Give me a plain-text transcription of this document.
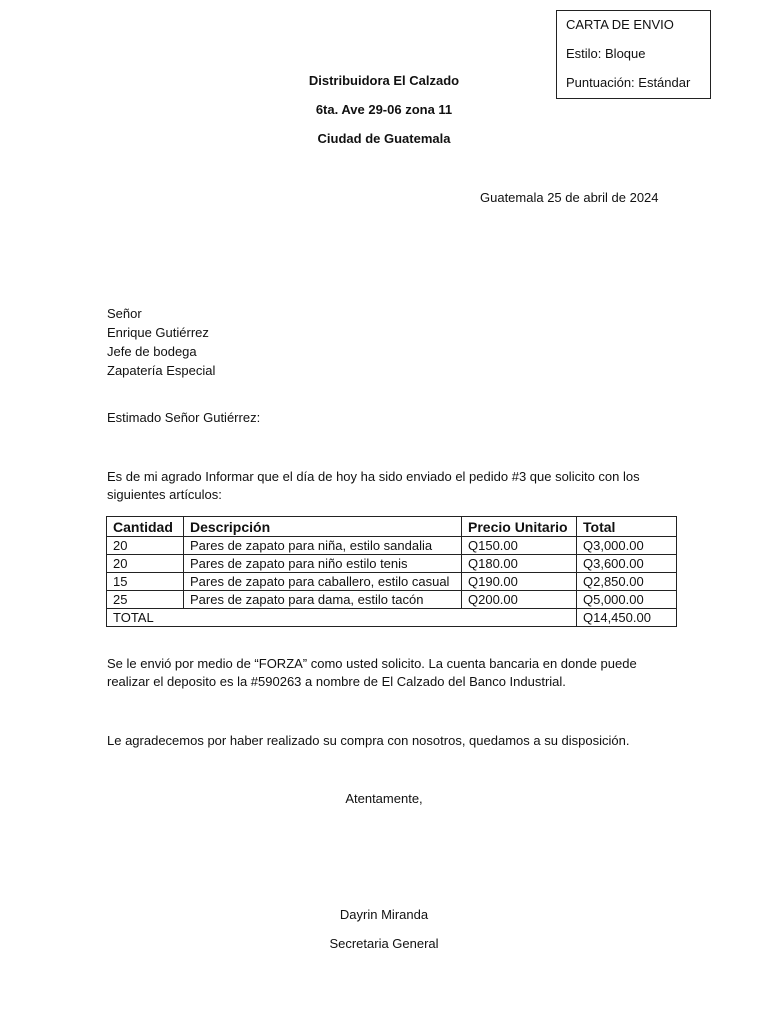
CARTA DE ENVIO
Estilo: Bloque
Puntuación: Estándar
Distribuidora El Calzado
6ta. Ave 29-06 zona 11
Ciudad de Guatemala
Guatemala 25 de abril de 2024
Señor
Enrique Gutiérrez
Jefe de bodega
Zapatería Especial
Estimado Señor Gutiérrez:
Es de mi agrado Informar que el día de hoy ha sido enviado el pedido #3 que solicito con los siguientes artículos:
Cantidad	Descripción	Precio Unitario	Total
20	Pares de zapato para niña, estilo sandalia	Q150.00	Q3,000.00
20	Pares de zapato para niño estilo tenis	Q180.00	Q3,600.00
15	Pares de zapato para caballero, estilo casual	Q190.00	Q2,850.00
25	Pares de zapato para dama, estilo tacón	Q200.00	Q5,000.00
TOTAL			Q14,450.00
Se le envió por medio de “FORZA” como usted solicito. La cuenta bancaria en donde puede realizar el deposito es la #590263 a nombre de El Calzado del Banco Industrial.
Le agradecemos por haber realizado su compra con nosotros, quedamos a su disposición.
Atentamente,
Dayrin Miranda
Secretaria General
